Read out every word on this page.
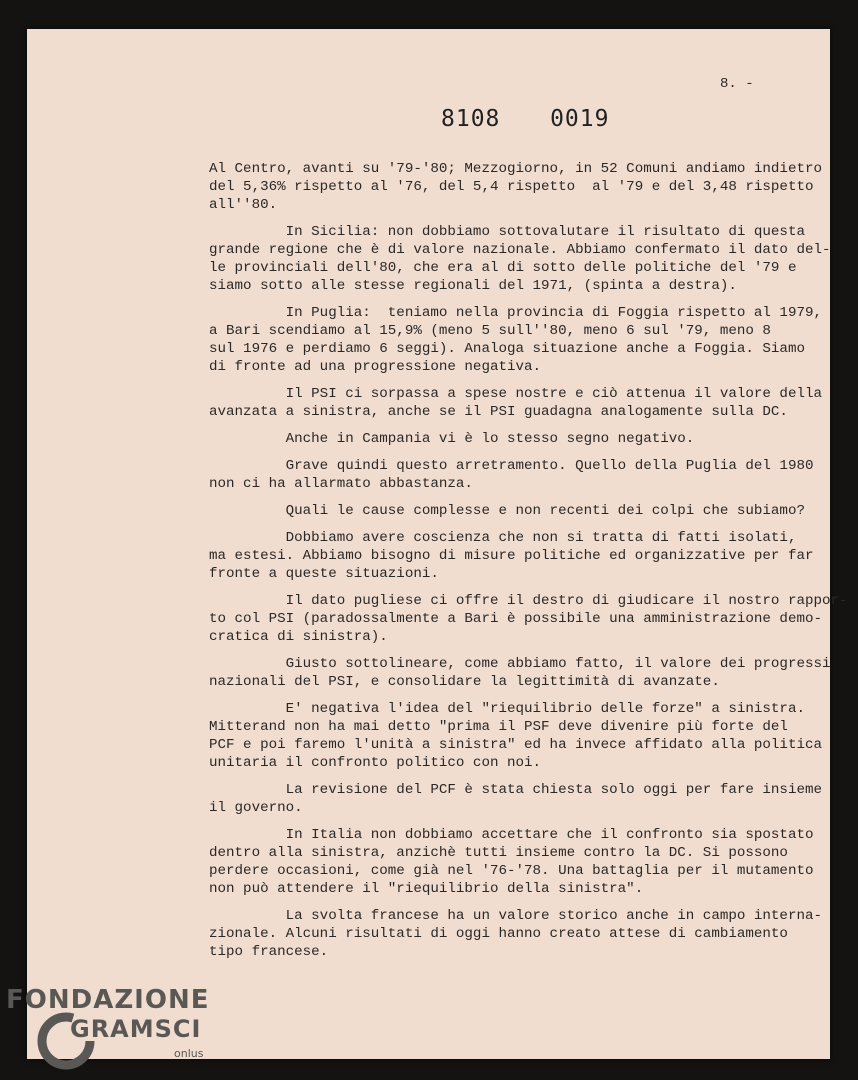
8. -
8108  0019
Al Centro, avanti su '79-'80; Mezzogiorno, in 52 Comuni andiamo indietro
del 5,36% rispetto al '76, del 5,4 rispetto  al '79 e del 3,48 rispetto
all''80.
In Sicilia: non dobbiamo sottovalutare il risultato di questa
grande regione che è di valore nazionale. Abbiamo confermato il dato del-
le provinciali dell'80, che era al di sotto delle politiche del '79 e
siamo sotto alle stesse regionali del 1971, (spinta a destra).
In Puglia:  teniamo nella provincia di Foggia rispetto al 1979,
a Bari scendiamo al 15,9% (meno 5 sull''80, meno 6 sul '79, meno 8
sul 1976 e perdiamo 6 seggi). Analoga situazione anche a Foggia. Siamo
di fronte ad una progressione negativa.
Il PSI ci sorpassa a spese nostre e ciò attenua il valore della
avanzata a sinistra, anche se il PSI guadagna analogamente sulla DC.
Anche in Campania vi è lo stesso segno negativo.
Grave quindi questo arretramento. Quello della Puglia del 1980
non ci ha allarmato abbastanza.
Quali le cause complesse e non recenti dei colpi che subiamo?
Dobbiamo avere coscienza che non si tratta di fatti isolati,
ma estesi. Abbiamo bisogno di misure politiche ed organizzative per far
fronte a queste situazioni.
Il dato pugliese ci offre il destro di giudicare il nostro rappor-
to col PSI (paradossalmente a Bari è possibile una amministrazione demo-
cratica di sinistra).
Giusto sottolineare, come abbiamo fatto, il valore dei progressi
nazionali del PSI, e consolidare la legittimità di avanzate.
E' negativa l'idea del "riequilibrio delle forze" a sinistra.
Mitterand non ha mai detto "prima il PSF deve divenire più forte del
PCF e poi faremo l'unità a sinistra" ed ha invece affidato alla politica
unitaria il confronto politico con noi.
La revisione del PCF è stata chiesta solo oggi per fare insieme
il governo.
In Italia non dobbiamo accettare che il confronto sia spostato
dentro alla sinistra, anzichè tutti insieme contro la DC. Si possono
perdere occasioni, come già nel '76-'78. Una battaglia per il mutamento
non può attendere il "riequilibrio della sinistra".
La svolta francese ha un valore storico anche in campo interna-
zionale. Alcuni risultati di oggi hanno creato attese di cambiamento
tipo francese.
FONDAZIONE
GRAMSCI
onlus
